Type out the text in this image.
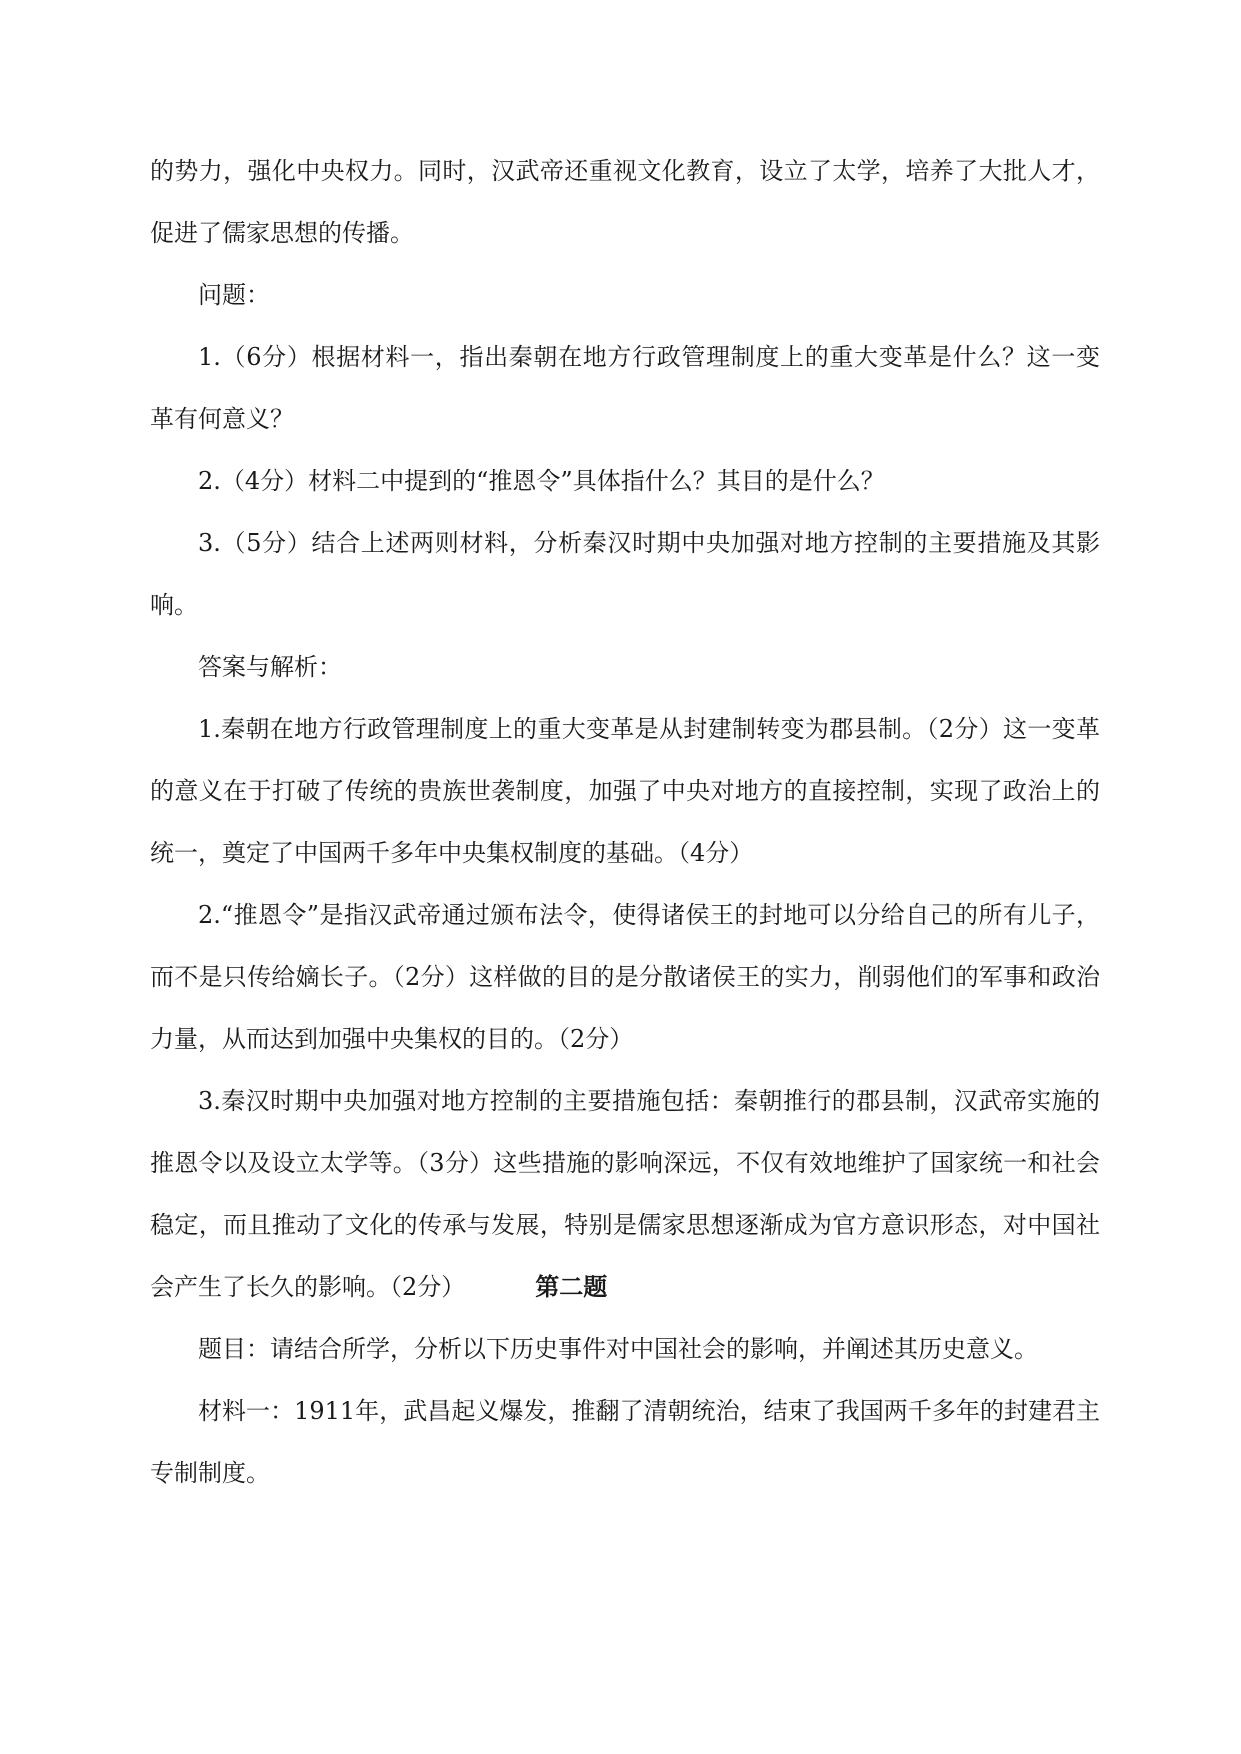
的势力，强化中央权力。同时，汉武帝还重视文化教育，设立了太学，培养了大批人才，促进了儒家思想的传播。

问题：

1.（6分）根据材料一，指出秦朝在地方行政管理制度上的重大变革是什么？这一变革有何意义？

2.（4分）材料二中提到的“推恩令”具体指什么？其目的是什么？

3.（5分）结合上述两则材料，分析秦汉时期中央加强对地方控制的主要措施及其影响。

答案与解析：

1.秦朝在地方行政管理制度上的重大变革是从封建制转变为郡县制。（2分）这一变革的意义在于打破了传统的贵族世袭制度，加强了中央对地方的直接控制，实现了政治上的统一，奠定了中国两千多年中央集权制度的基础。（4分）

2.“推恩令”是指汉武帝通过颁布法令，使得诸侯王的封地可以分给自己的所有儿子，而不是只传给嫡长子。（2分）这样做的目的是分散诸侯王的实力，削弱他们的军事和政治力量，从而达到加强中央集权的目的。（2分）

3.秦汉时期中央加强对地方控制的主要措施包括：秦朝推行的郡县制，汉武帝实施的推恩令以及设立太学等。（3分）这些措施的影响深远，不仅有效地维护了国家统一和社会稳定，而且推动了文化的传承与发展，特别是儒家思想逐渐成为官方意识形态，对中国社会产生了长久的影响。（2分）	第二题

题目：请结合所学，分析以下历史事件对中国社会的影响，并阐述其历史意义。

材料一：1911年，武昌起义爆发，推翻了清朝统治，结束了我国两千多年的封建君主专制制度。
